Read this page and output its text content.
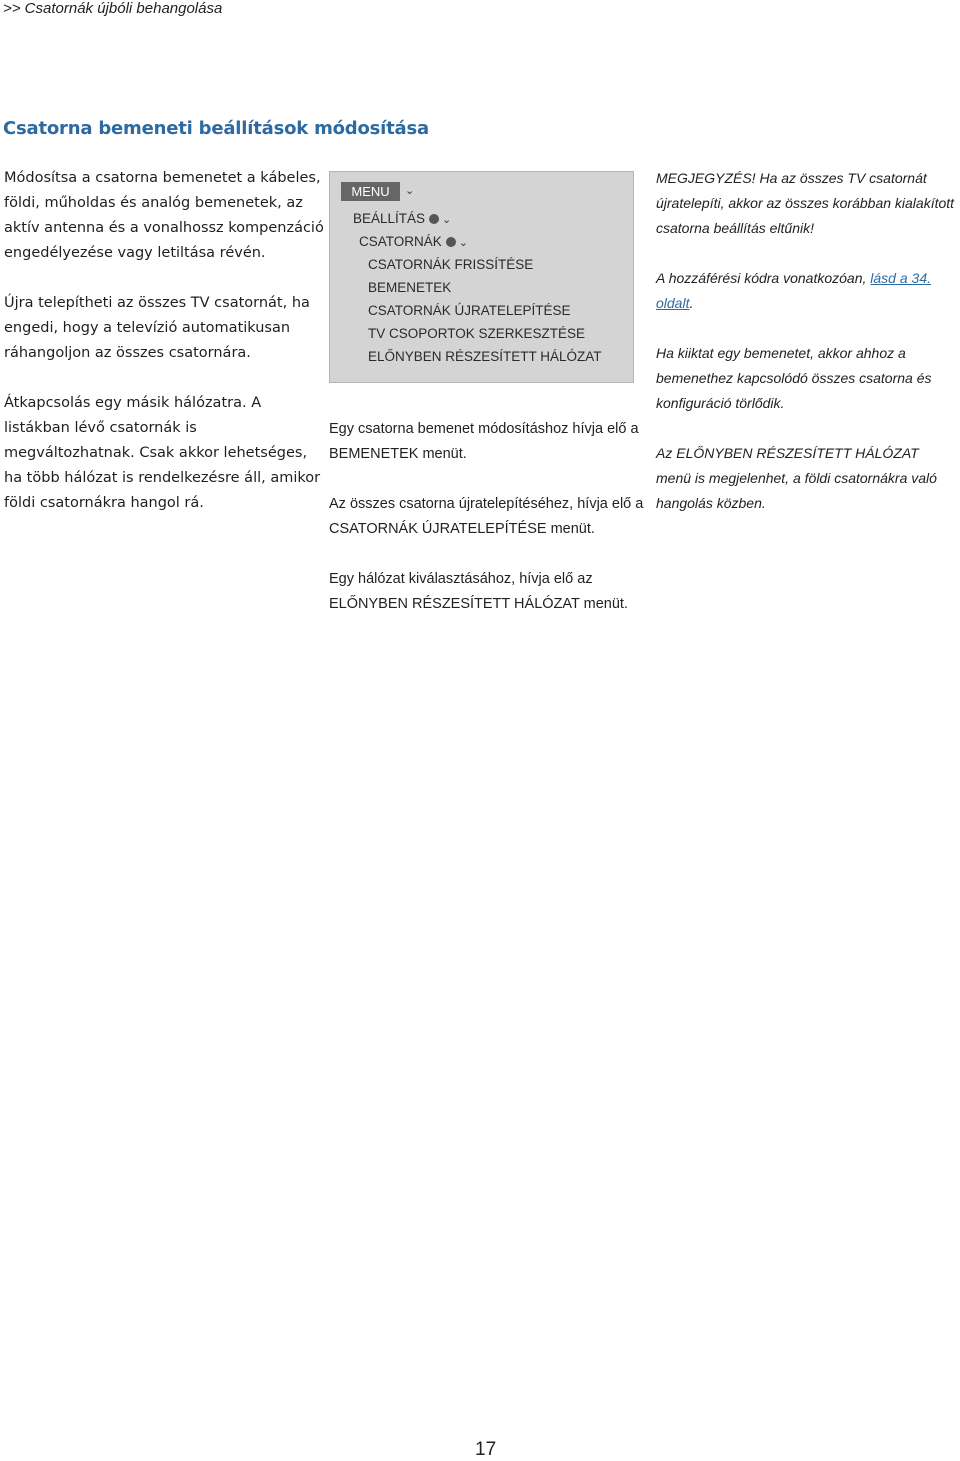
>> Csatornák újbóli behangolása
Csatorna bemeneti beállítások módosítása

Módosítsa a csatorna bemenetet a kábeles, földi, műholdas és analóg bemenetek, az aktív antenna és a vonalhossz kompenzáció engedélyezése vagy letiltása révén.

Újra telepítheti az összes TV csatornát, ha engedi, hogy a televízió automatikusan ráhangoljon az összes csatornára.

Átkapcsolás egy másik hálózatra. A listákban lévő csatornák is megváltozhatnak. Csak akkor lehetséges, ha több hálózat is rendelkezésre áll, amikor földi csatornákra hangol rá.

MENU	⌄
BEÁLLÍTÁS ⌄
CSATORNÁK ⌄
CSATORNÁK FRISSÍTÉSE
BEMENETEK
CSATORNÁK ÚJRATELEPÍTÉSE
TV CSOPORTOK SZERKESZTÉSE
ELŐNYBEN RÉSZESÍTETT HÁLÓZAT
Egy csatorna bemenet módosításhoz hívja elő a BEMENETEK menüt.
Az összes csatorna újratelepítéséhez, hívja elő a CSATORNÁK ÚJRATELEPÍTÉSE menüt.
Egy hálózat kiválasztásához, hívja elő az ELŐNYBEN RÉSZESÍTETT HÁLÓZAT menüt.

MEGJEGYZÉS! Ha az összes TV csatornát újratelepíti, akkor az összes korábban kialakított csatorna beállítás eltűnik!

A hozzáférési kódra vonatkozóan, lásd a 34. oldalt.

Ha kiiktat egy bemenetet, akkor ahhoz a bemenethez kapcsolódó összes csatorna és konfiguráció törlődik.

Az ELŐNYBEN RÉSZESÍTETT HÁLÓZAT menü is megjelenhet, a földi csatornákra való hangolás közben.

17
